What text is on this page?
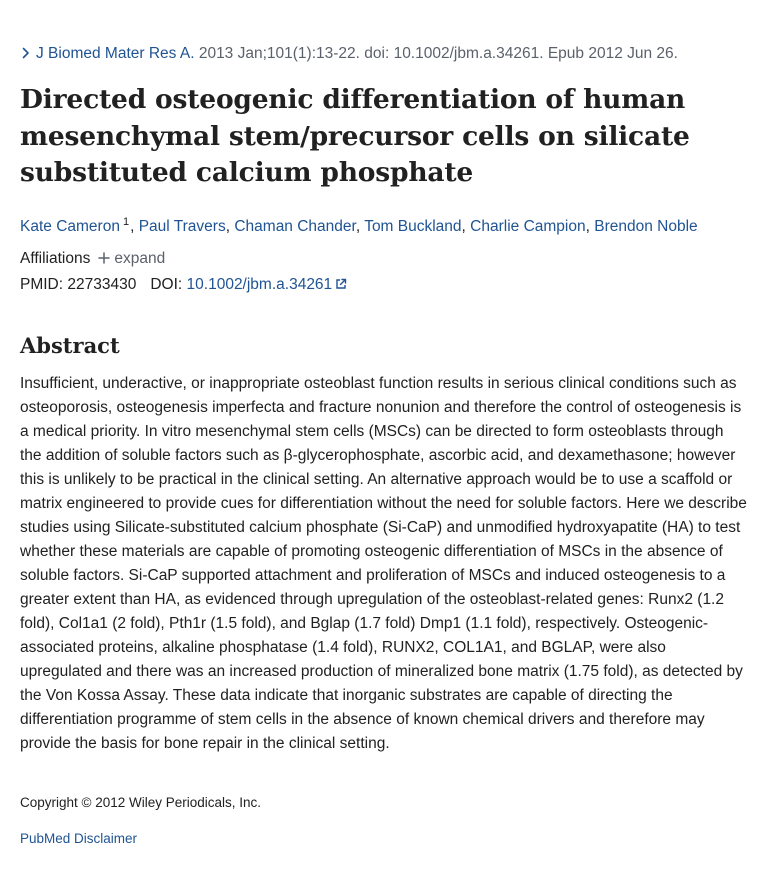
J Biomed Mater Res A. 2013 Jan;101(1):13-22. doi: 10.1002/jbm.a.34261. Epub 2012 Jun 26.
Directed osteogenic differentiation of human mesenchymal stem/precursor cells on silicate substituted calcium phosphate
Kate Cameron $^1$, Paul Travers, Chaman Chander, Tom Buckland, Charlie Campion, Brendon Noble
Affiliations expand
PMID: 22733430 DOI: 10.1002/jbm.a.34261
Abstract

Insufficient, underactive, or inappropriate osteoblast function results in serious clinical conditions such as osteoporosis, osteogenesis imperfecta and fracture nonunion and therefore the control of osteogenesis is a medical priority. In vitro mesenchymal stem cells (MSCs) can be directed to form osteoblasts through the addition of soluble factors such as β-glycerophosphate, ascorbic acid, and dexamethasone; however this is unlikely to be practical in the clinical setting. An alternative approach would be to use a scaffold or matrix engineered to provide cues for differentiation without the need for soluble factors. Here we describe studies using Silicate-substituted calcium phosphate (Si-CaP) and unmodified hydroxyapatite (HA) to test whether these materials are capable of promoting osteogenic differentiation of MSCs in the absence of soluble factors. Si-CaP supported attachment and proliferation of MSCs and induced osteogenesis to a greater extent than HA, as evidenced through upregulation of the osteoblast-related genes: Runx2 (1.2 fold), Col1a1 (2 fold), Pth1r (1.5 fold), and Bglap (1.7 fold) Dmp1 (1.1 fold), respectively. Osteogenic-associated proteins, alkaline phosphatase (1.4 fold), RUNX2, COL1A1, and BGLAP, were also upregulated and there was an increased production of mineralized bone matrix (1.75 fold), as detected by the Von Kossa Assay. These data indicate that inorganic substrates are capable of directing the differentiation programme of stem cells in the absence of known chemical drivers and therefore may provide the basis for bone repair in the clinical setting.

Copyright © 2012 Wiley Periodicals, Inc.
PubMed Disclaimer
